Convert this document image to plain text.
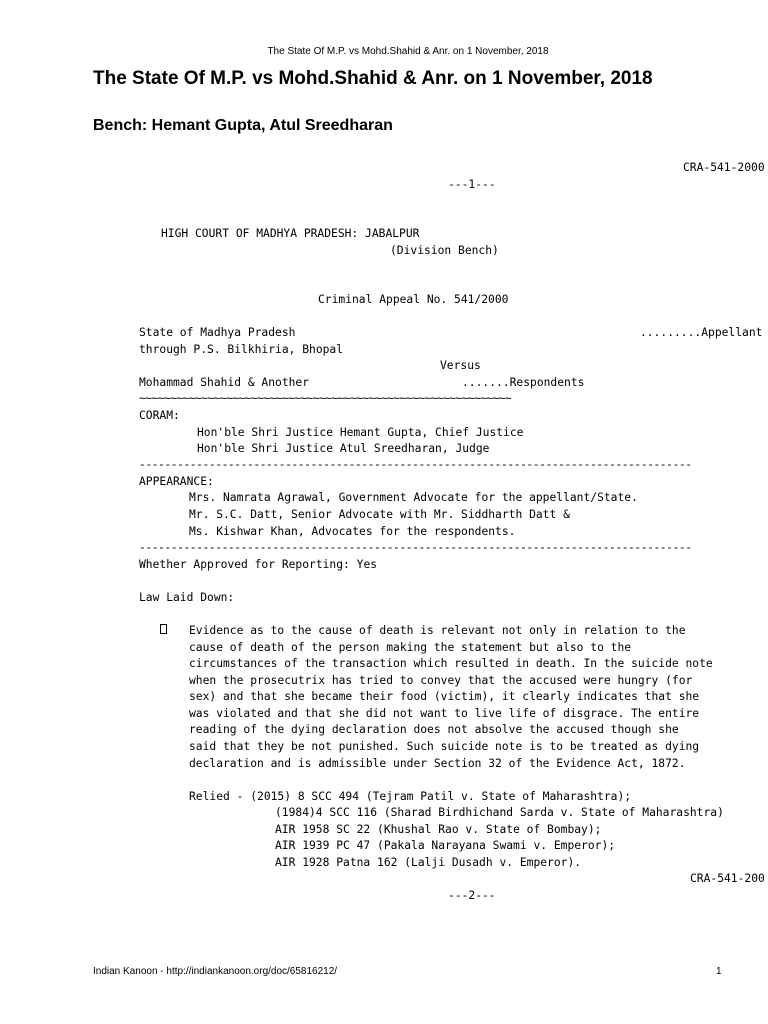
The State Of M.P. vs Mohd.Shahid & Anr. on 1 November, 2018
The State Of M.P. vs Mohd.Shahid & Anr. on 1 November, 2018
Bench: Hemant Gupta, Atul Sreedharan
CRA-541-2000
---1---
HIGH COURT OF MADHYA PRADESH: JABALPUR
(Division Bench)
Criminal Appeal No. 541/2000
State of Madhya Pradesh	.........Appellant
through P.S. Bilkhiria, Bhopal
Versus
Mohammad Shahid & Another	.......Respondents
~~~~~~~~~~~~~~~~~~~~~~~~~~~~~~~~~~~~~~~~~~~~~~~~~~~~~~~~~~~~
CORAM:
Hon'ble Shri Justice Hemant Gupta, Chief Justice
Hon'ble Shri Justice Atul Sreedharan, Judge
---------------------------------------------------------------------------------------
APPEARANCE:
Mrs. Namrata Agrawal, Government Advocate for the appellant/State.
Mr. S.C. Datt, Senior Advocate with Mr. Siddharth Datt &
Ms. Kishwar Khan, Advocates for the respondents.
---------------------------------------------------------------------------------------
Whether Approved for Reporting: Yes
Law Laid Down:
Evidence as to the cause of death is relevant not only in relation to the
cause of death of the person making the statement but also to the
circumstances of the transaction which resulted in death. In the suicide note
when the prosecutrix has tried to convey that the accused were hungry (for
sex) and that she became their food (victim), it clearly indicates that she
was violated and that she did not want to live life of disgrace. The entire
reading of the dying declaration does not absolve the accused though she
said that they be not punished. Such suicide note is to be treated as dying
declaration and is admissible under Section 32 of the Evidence Act, 1872.
Relied - (2015) 8 SCC 494 (Tejram Patil v. State of Maharashtra);
(1984)4 SCC 116 (Sharad Birdhichand Sarda v. State of Maharashtra)
AIR 1958 SC 22 (Khushal Rao v. State of Bombay);
AIR 1939 PC 47 (Pakala Narayana Swami v. Emperor);
AIR 1928 Patna 162 (Lalji Dusadh v. Emperor).
CRA-541-200
---2---
Indian Kanoon - http://indiankanoon.org/doc/65816212/	1
